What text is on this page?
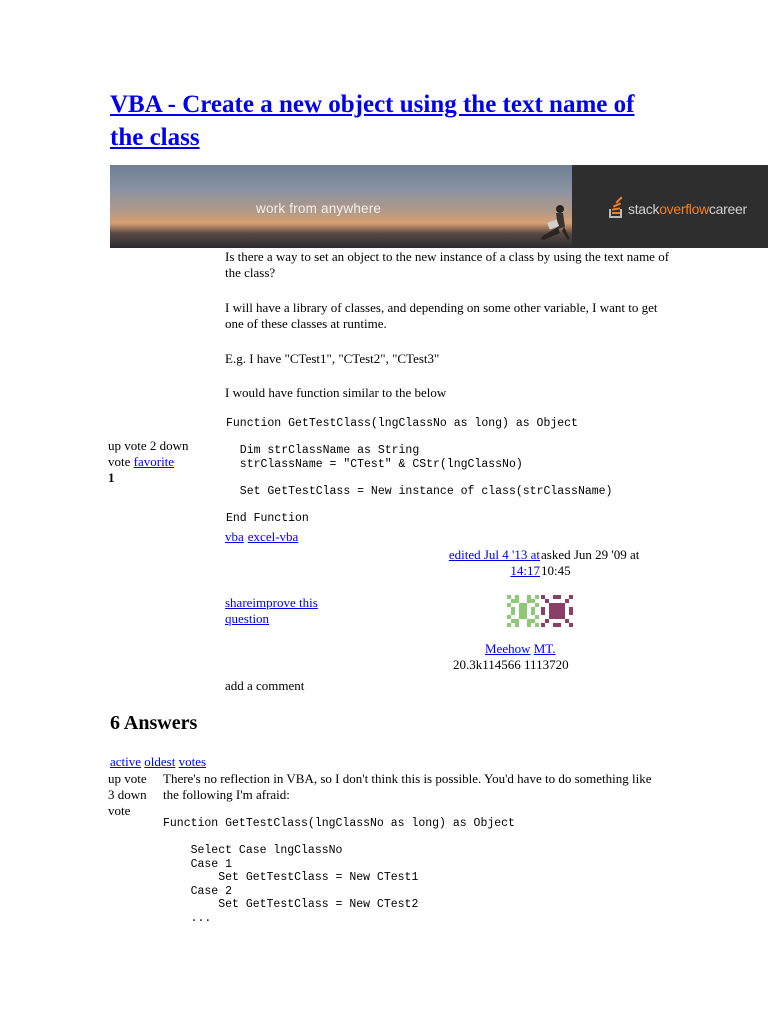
VBA - Create a new object using the text name of the class
work from anywhere	stackoverflowcareer
Is there a way to set an object to the new instance of a class by using the text name of the class?
I will have a library of classes, and depending on some other variable, I want to get one of these classes at runtime.
E.g. I have "CTest1", "CTest2", "CTest3"
I would have function similar to the below
Function GetTestClass(lngClassNo as long) as Object

Dim strClassName as String
strClassName = "CTest" & CStr(lngClassNo)

Set GetTestClass = New instance of class(strClassName)

End Function
up vote 2 down vote favorite
1
vba excel-vba
edited Jul 4 '13 at
14:17
asked Jun 29 '09 at
10:45
shareimprove this question
Meehow MT.
20.3k114566 1113720
add a comment
6 Answers
active oldest votes
up vote
3 down
vote
There's no reflection in VBA, so I don't think this is possible. You'd have to do something like the following I'm afraid:
Function GetTestClass(lngClassNo as long) as Object

Select Case lngClassNo
Case 1
Set GetTestClass = New CTest1
Case 2
Set GetTestClass = New CTest2
...
